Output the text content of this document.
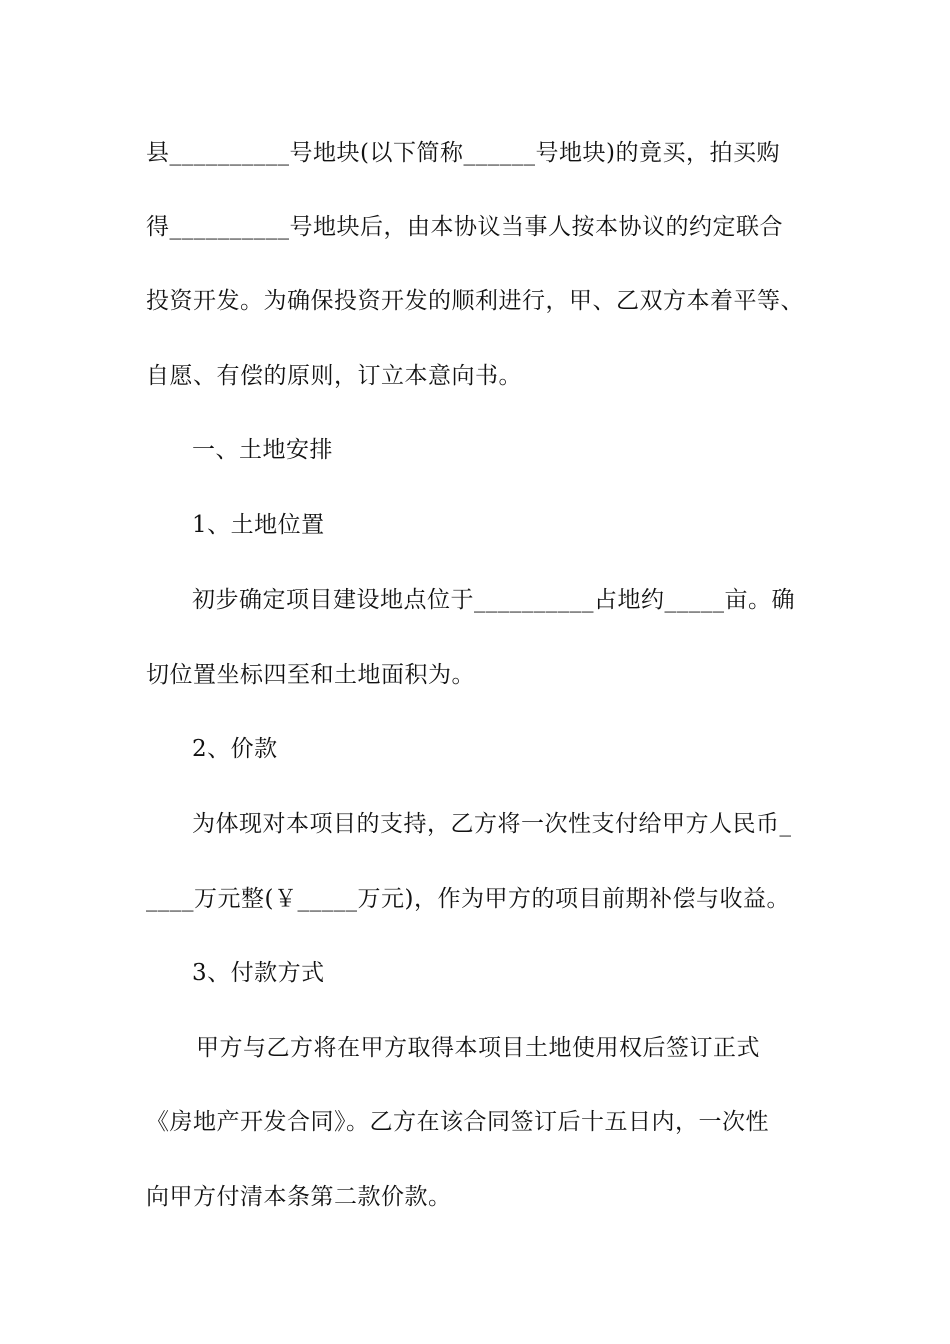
县__________号地块(以下简称______号地块)的竟买，拍买购
得__________号地块后，由本协议当事人按本协议的约定联合
投资开发。为确保投资开发的顺利进行，甲、乙双方本着平等、
自愿、有偿的原则，订立本意向书。
一、土地安排
1、土地位置
初步确定项目建设地点位于__________占地约_____亩。确
切位置坐标四至和土地面积为。
2、价款
为体现对本项目的支持，乙方将一次性支付给甲方人民币_
____万元整(￥_____万元)，作为甲方的项目前期补偿与收益。
3、付款方式
甲方与乙方将在甲方取得本项目土地使用权后签订正式
《房地产开发合同》。乙方在该合同签订后十五日内，一次性
向甲方付清本条第二款价款。
